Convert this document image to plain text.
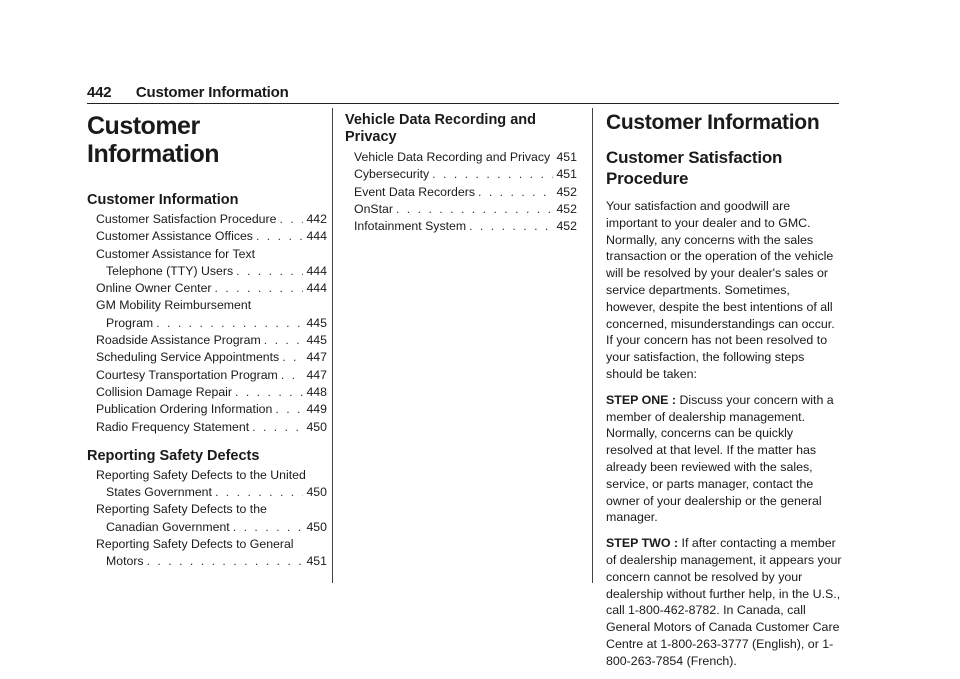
442 Customer Information
Customer Information
Customer Information
Customer Satisfaction Procedure . . . 442
Customer Assistance Offices . . .	444
Customer Assistance for Text
Telephone (TTY) Users . . .	444
Online Owner Center . . .	444
GM Mobility Reimbursement
Program . . .	445
Roadside Assistance Program . . .	445
Scheduling Service Appointments . . . 447
Courtesy Transportation Program . . . 447
Collision Damage Repair . . .	448
Publication Ordering Information . . .	449
Radio Frequency Statement . . .	450
Reporting Safety Defects
Reporting Safety Defects to the United
States Government . . .	450
Reporting Safety Defects to the
Canadian Government . . .	450
Reporting Safety Defects to General
Motors . . .	451
Vehicle Data Recording and Privacy
Vehicle Data Recording and Privacy . . . 451
Cybersecurity . . .	451
Event Data Recorders . . .	452
OnStar . . .	452
Infotainment System . . .	452
Customer Information
Customer Satisfaction Procedure

Your satisfaction and goodwill are important to your dealer and to GMC. Normally, any concerns with the sales transaction or the operation of the vehicle will be resolved by your dealer's sales or service departments. Sometimes, however, despite the best intentions of all concerned, misunderstandings can occur. If your concern has not been resolved to your satisfaction, the following steps should be taken:

STEP ONE : Discuss your concern with a member of dealership management. Normally, concerns can be quickly resolved at that level. If the matter has already been reviewed with the sales, service, or parts manager, contact the owner of your dealership or the general manager.

STEP TWO : If after contacting a member of dealership management, it appears your concern cannot be resolved by your dealership without further help, in the U.S., call 1-800-462-8782. In Canada, call General Motors of Canada Customer Care Centre at 1-800-263-3777 (English), or 1-800-263-7854 (French).
